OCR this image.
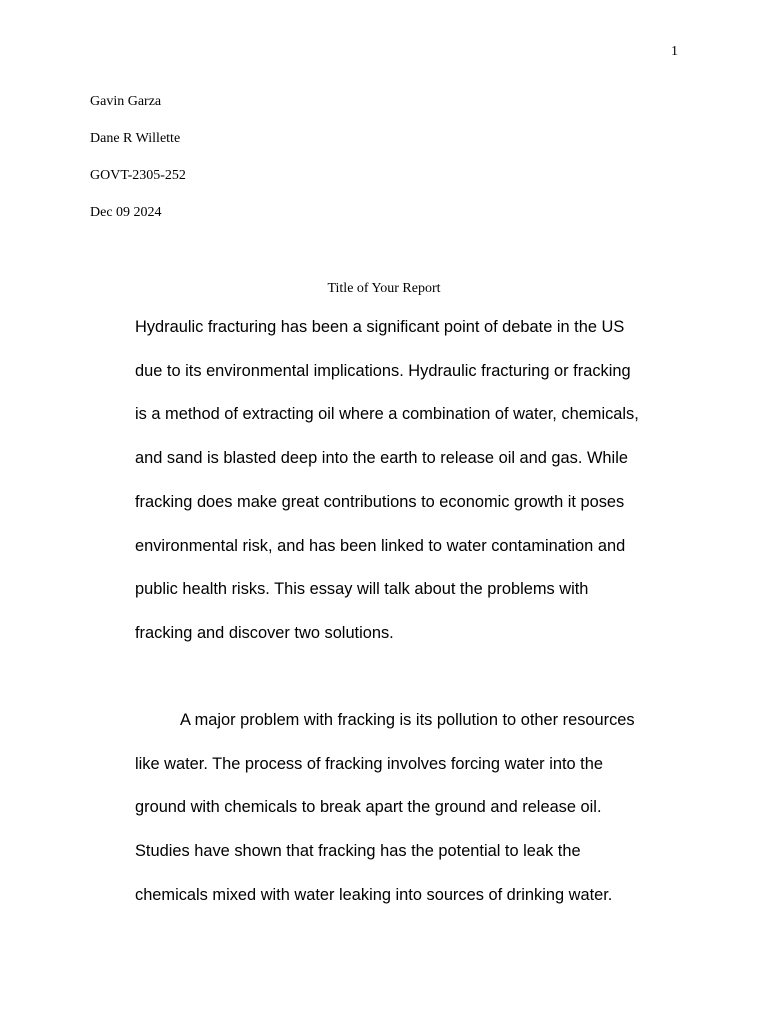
1
Gavin Garza
Dane R Willette
GOVT-2305-252
Dec 09 2024
Title of Your Report
Hydraulic fracturing has been a significant point of debate in the US
due to its environmental implications. Hydraulic fracturing or fracking
is a method of extracting oil where a combination of water, chemicals,
and sand is blasted deep into the earth to release oil and gas. While
fracking does make great contributions to economic growth it poses
environmental risk, and has been linked to water contamination and
public health risks. This essay will talk about the problems with
fracking and discover two solutions.
A major problem with fracking is its pollution to other resources
like water. The process of fracking involves forcing water into the
ground with chemicals to break apart the ground and release oil.
Studies have shown that fracking has the potential to leak the
chemicals mixed with water leaking into sources of drinking water.
